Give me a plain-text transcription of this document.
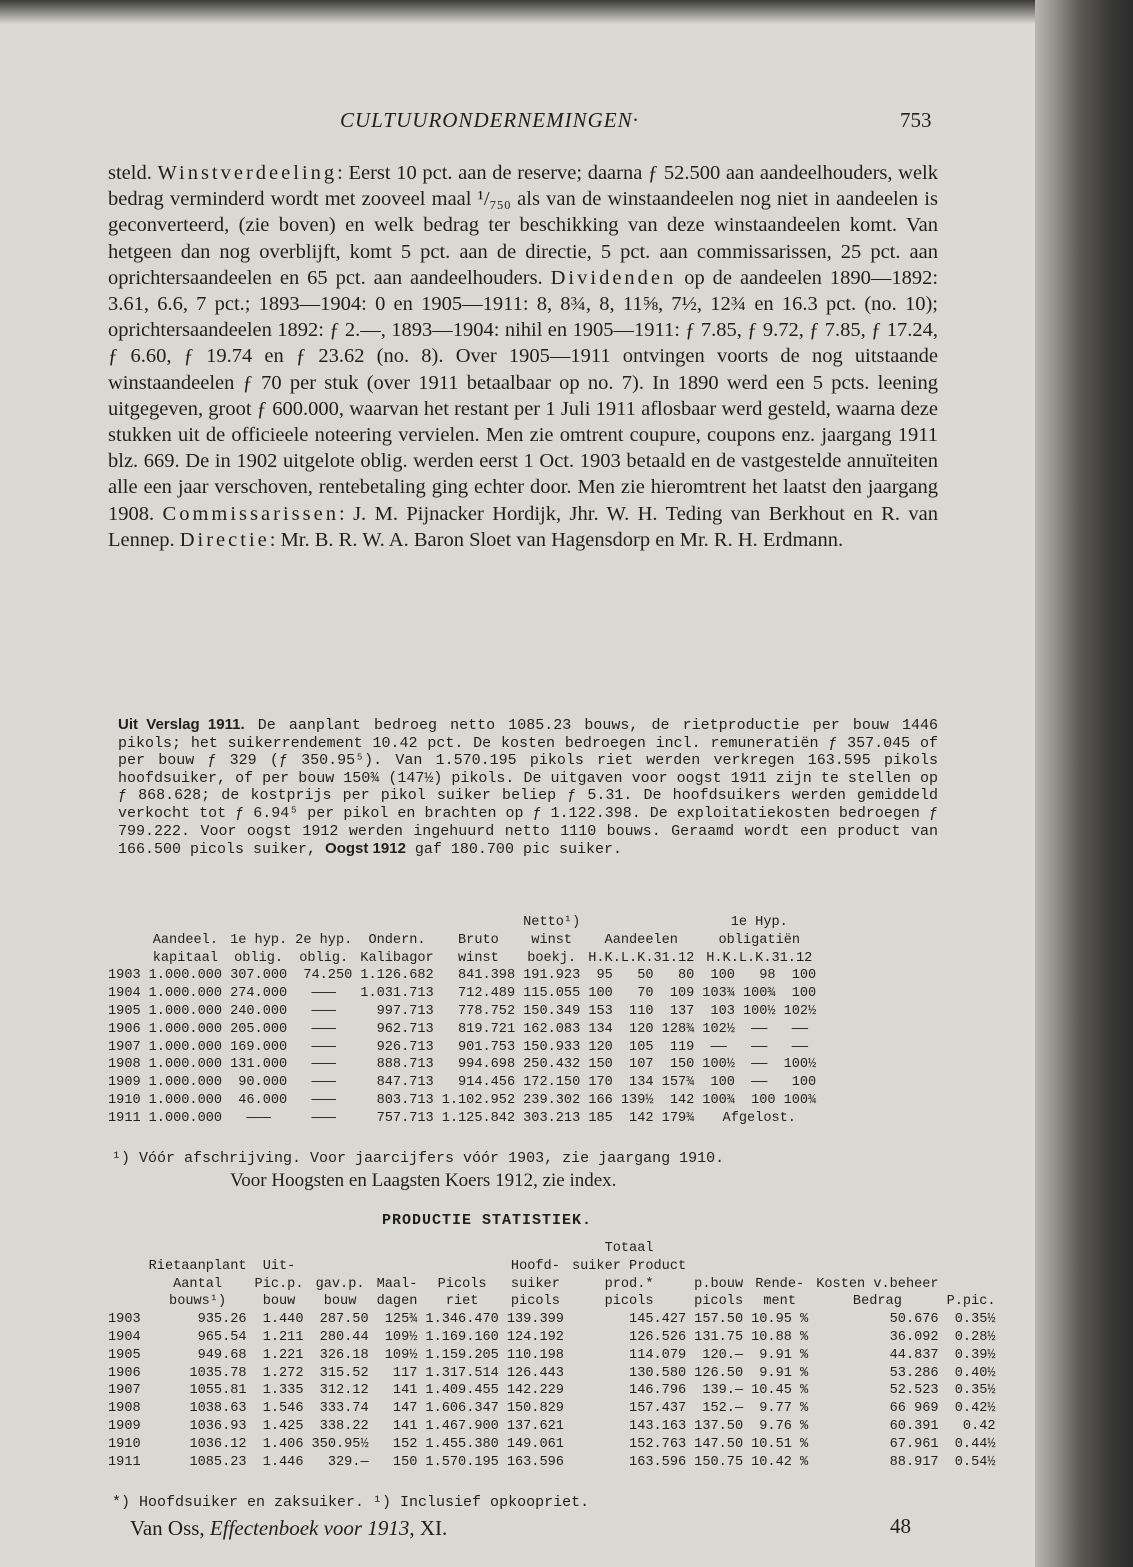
CULTUURONDERNEMINGEN·	753

steld. Winstverdeeling: Eerst 10 pct. aan de reserve; daarna ƒ 52.500 aan aandeelhouders, welk bedrag verminderd wordt met zooveel maal ¹/₇₅₀ als van de winstaandeelen nog niet in aandeelen is geconverteerd, (zie boven) en welk bedrag ter beschikking van deze winstaandeelen komt. Van hetgeen dan nog overblijft, komt 5 pct. aan de directie, 5 pct. aan commissarissen, 25 pct. aan oprichtersaandeelen en 65 pct. aan aandeelhouders. Dividenden op de aandeelen 1890—1892: 3.61, 6.6, 7 pct.; 1893—1904: 0 en 1905—1911: 8, 8¾, 8, 11⅝, 7½, 12¾ en 16.3 pct. (no. 10); oprichtersaandeelen 1892: ƒ 2.—, 1893—1904: nihil en 1905—1911: ƒ 7.85, ƒ 9.72, ƒ 7.85, ƒ 17.24, ƒ 6.60, ƒ 19.74 en ƒ 23.62 (no. 8). Over 1905—1911 ontvingen voorts de nog uitstaande winstaandeelen ƒ 70 per stuk (over 1911 betaalbaar op no. 7). In 1890 werd een 5 pcts. leening uitgegeven, groot ƒ 600.000, waarvan het restant per 1 Juli 1911 aflosbaar werd gesteld, waarna deze stukken uit de officieele noteering vervielen. Men zie omtrent coupure, coupons enz. jaargang 1911 blz. 669. De in 1902 uitgelote oblig. werden eerst 1 Oct. 1903 betaald en de vastgestelde annuïteiten alle een jaar verschoven, rentebetaling ging echter door. Men zie hieromtrent het laatst den jaargang 1908. Commissarissen: J. M. Pijnacker Hordijk, Jhr. W. H. Teding van Berkhout en R. van Lennep. Directie: Mr. B. R. W. A. Baron Sloet van Hagensdorp en Mr. R. H. Erdmann.

Uit Verslag 1911. De aanplant bedroeg netto 1085.23 bouws, de rietproductie per bouw 1446 pikols; het suikerrendement 10.42 pct. De kosten bedroegen incl. remuneratiën ƒ 357.045 of per bouw ƒ 329 (ƒ 350.95⁵). Van 1.570.195 pikols riet werden verkregen 163.595 pikols hoofdsuiker, of per bouw 150¾ (147½) pikols. De uitgaven voor oogst 1911 zijn te stellen op ƒ 868.628; de kostprijs per pikol suiker beliep ƒ 5.31. De hoofdsuikers werden gemiddeld verkocht tot ƒ 6.94⁵ per pikol en brachten op ƒ 1.122.398. De exploitatiekosten bedroegen ƒ 799.222. Voor oogst 1912 werden ingehuurd netto 1110 bouws. Geraamd wordt een product van 166.500 picols suiker, Oogst 1912 gaf 180.700 pic suiker.
						Netto¹)				1e Hyp.		
	Aandeel.	1e hyp.	2e hyp.	Ondern.	Bruto	winst	Aandeelen			obligatiën		
	kapitaal	oblig.	oblig.	Kalibagor	winst	boekj.	H.K.L.K.31.12			H.K.L.K.31.12		
1903	1.000.000	307.000	74.250	1.126.682	841.398	191.923	95	50	80	100	98	100
1904	1.000.000	274.000	———	1.031.713	712.489	115.055	100	70	109	103¾	100¾	100
1905	1.000.000	240.000	———	997.713	778.752	150.349	153	110	137	103	100½	102½
1906	1.000.000	205.000	———	962.713	819.721	162.083	134	120	128¾	102½	——	——
1907	1.000.000	169.000	———	926.713	901.753	150.933	120	105	119	——	——	——
1908	1.000.000	131.000	———	888.713	994.698	250.432	150	107	150	100½	——	100½
1909	1.000.000	90.000	———	847.713	914.456	172.150	170	134	157¾	100	——	100
1910	1.000.000	46.000	———	803.713	1.102.952	239.302	166	139½	142	100¾	100	100¾
1911	1.000.000	———	———	757.713	1.125.842	303.213	185	142	179¾	Afgelost.		
¹) Vóór afschrijving. Voor jaarcijfers vóór 1903, zie jaargang 1910.
Voor Hoogsten en Laagsten Koers 1912, zie index.
PRODUCTIE STATISTIEK.
							Totaal				
	Rietaanplant	Uit-				Hoofd-	suiker Product				
	Aantal	Pic.p.	gav.p.	Maal-	Picols	suiker	prod.*	p.bouw	Rende-	Kosten v.beheer	
	bouws¹)	bouw	bouw	dagen	riet	picols	picols	picols	ment	Bedrag	P.pic.
1903	935.26	1.440	287.50	125¾	1.346.470	139.399	145.427	157.50	10.95 %	50.676	0.35½
1904	965.54	1.211	280.44	109½	1.169.160	124.192	126.526	131.75	10.88 %	36.092	0.28½
1905	949.68	1.221	326.18	109½	1.159.205	110.198	114.079	120.—	9.91 %	44.837	0.39½
1906	1035.78	1.272	315.52	117	1.317.514	126.443	130.580	126.50	9.91 %	53.286	0.40½
1907	1055.81	1.335	312.12	141	1.409.455	142.229	146.796	139.—	10.45 %	52.523	0.35½
1908	1038.63	1.546	333.74	147	1.606.347	150.829	157.437	152.—	9.77 %	66 969	0.42½
1909	1036.93	1.425	338.22	141	1.467.900	137.621	143.163	137.50	9.76 %	60.391	0.42
1910	1036.12	1.406	350.95½	152	1.455.380	149.061	152.763	147.50	10.51 %	67.961	0.44½
1911	1085.23	1.446	329.—	150	1.570.195	163.596	163.596	150.75	10.42 %	88.917	0.54½
*) Hoofdsuiker en zaksuiker. ¹) Inclusief opkoopriet.
Van Oss, Effectenboek voor 1913, XI.	48
